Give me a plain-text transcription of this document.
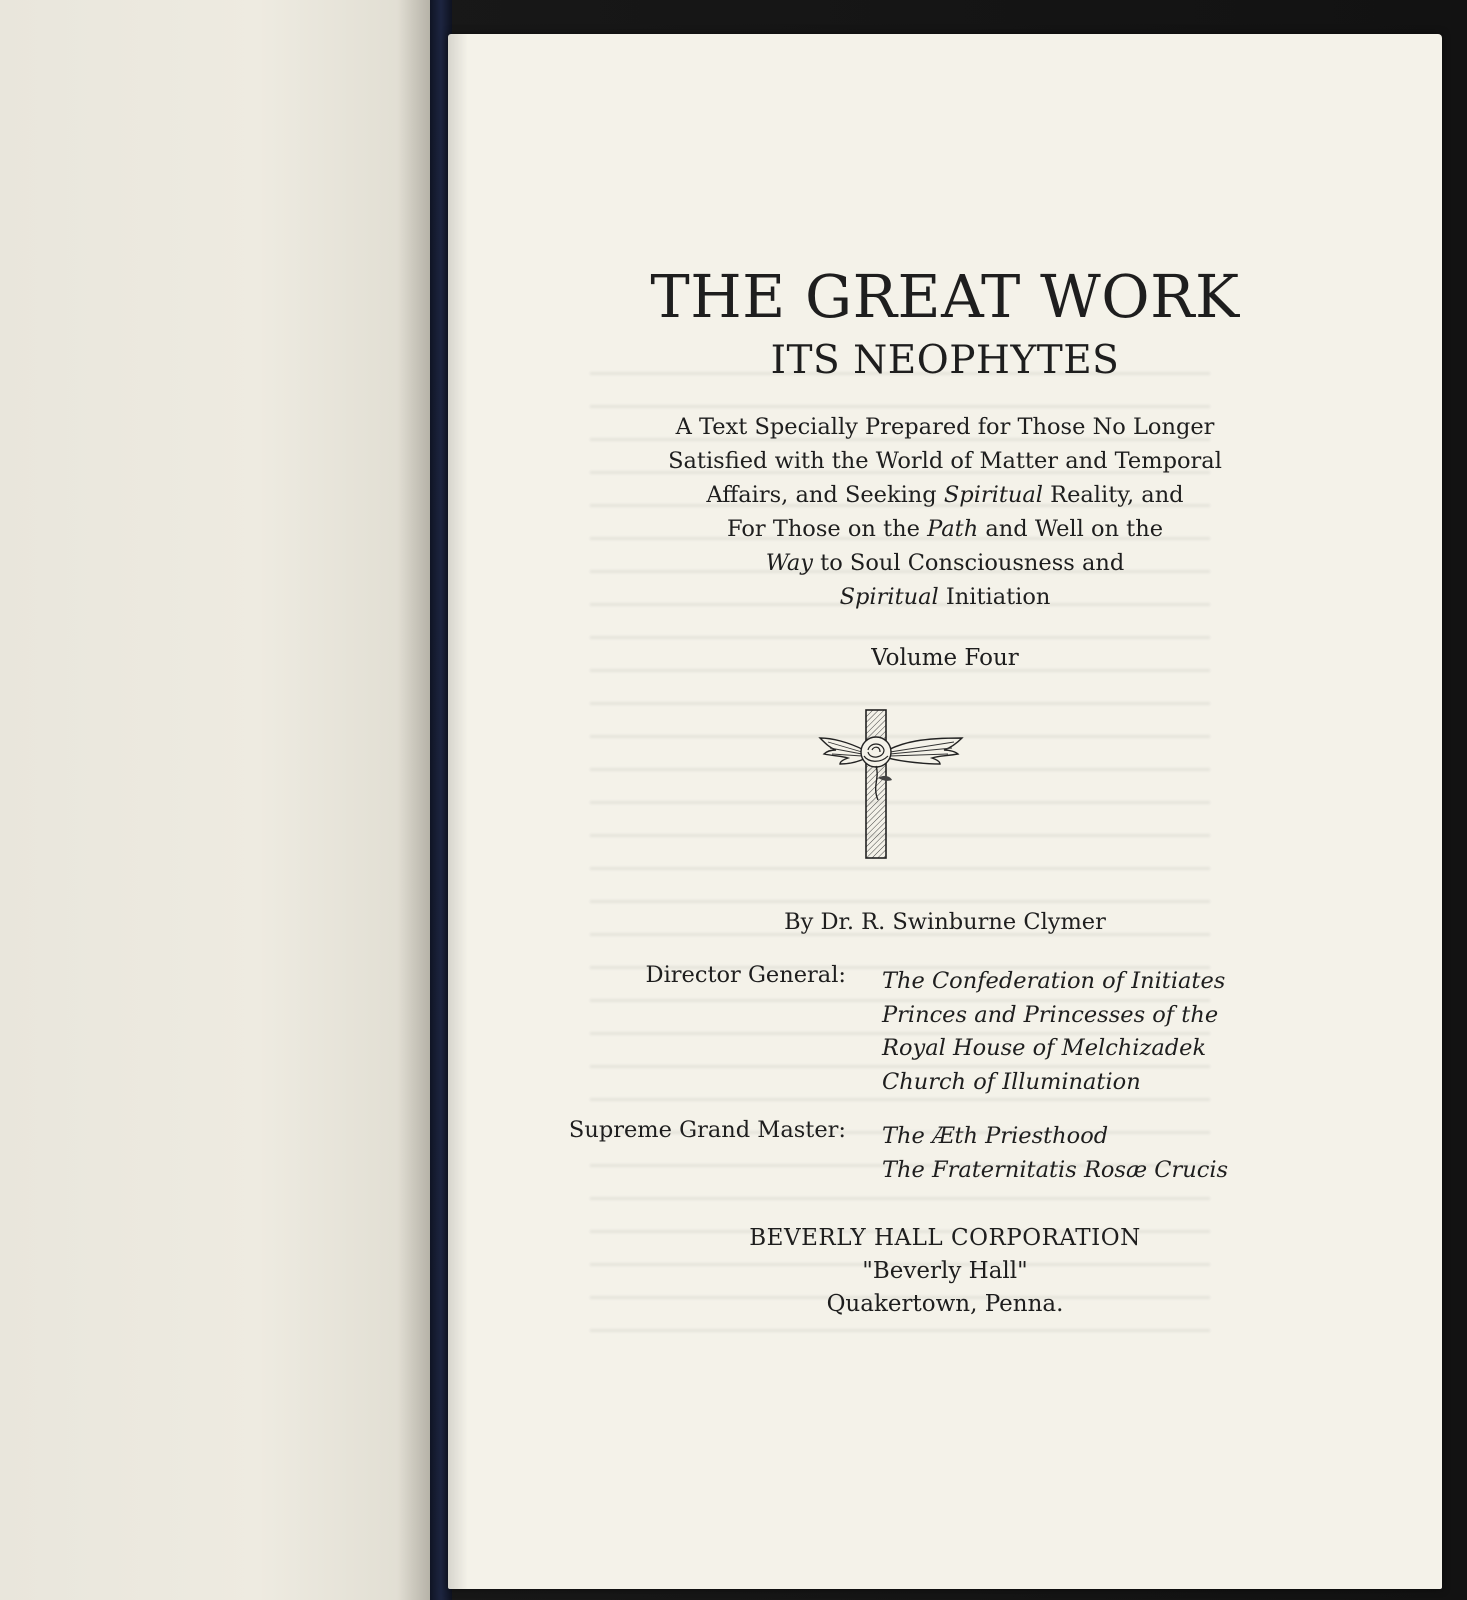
THE GREAT WORK
ITS NEOPHYTES
A Text Specially Prepared for Those No Longer
Satisfied with the World of Matter and Temporal
Affairs, and Seeking Spiritual Reality, and
For Those on the Path and Well on the
Way to Soul Consciousness and
Spiritual Initiation
Volume Four
By Dr. R. Swinburne Clymer
Director General: The Confederation of Initiates
Princes and Princesses of the
Royal House of Melchizadek
Church of Illumination
Supreme Grand Master: The Æth Priesthood
The Fraternitatis Rosæ Crucis
BEVERLY HALL CORPORATION
"Beverly Hall"
Quakertown, Penna.
